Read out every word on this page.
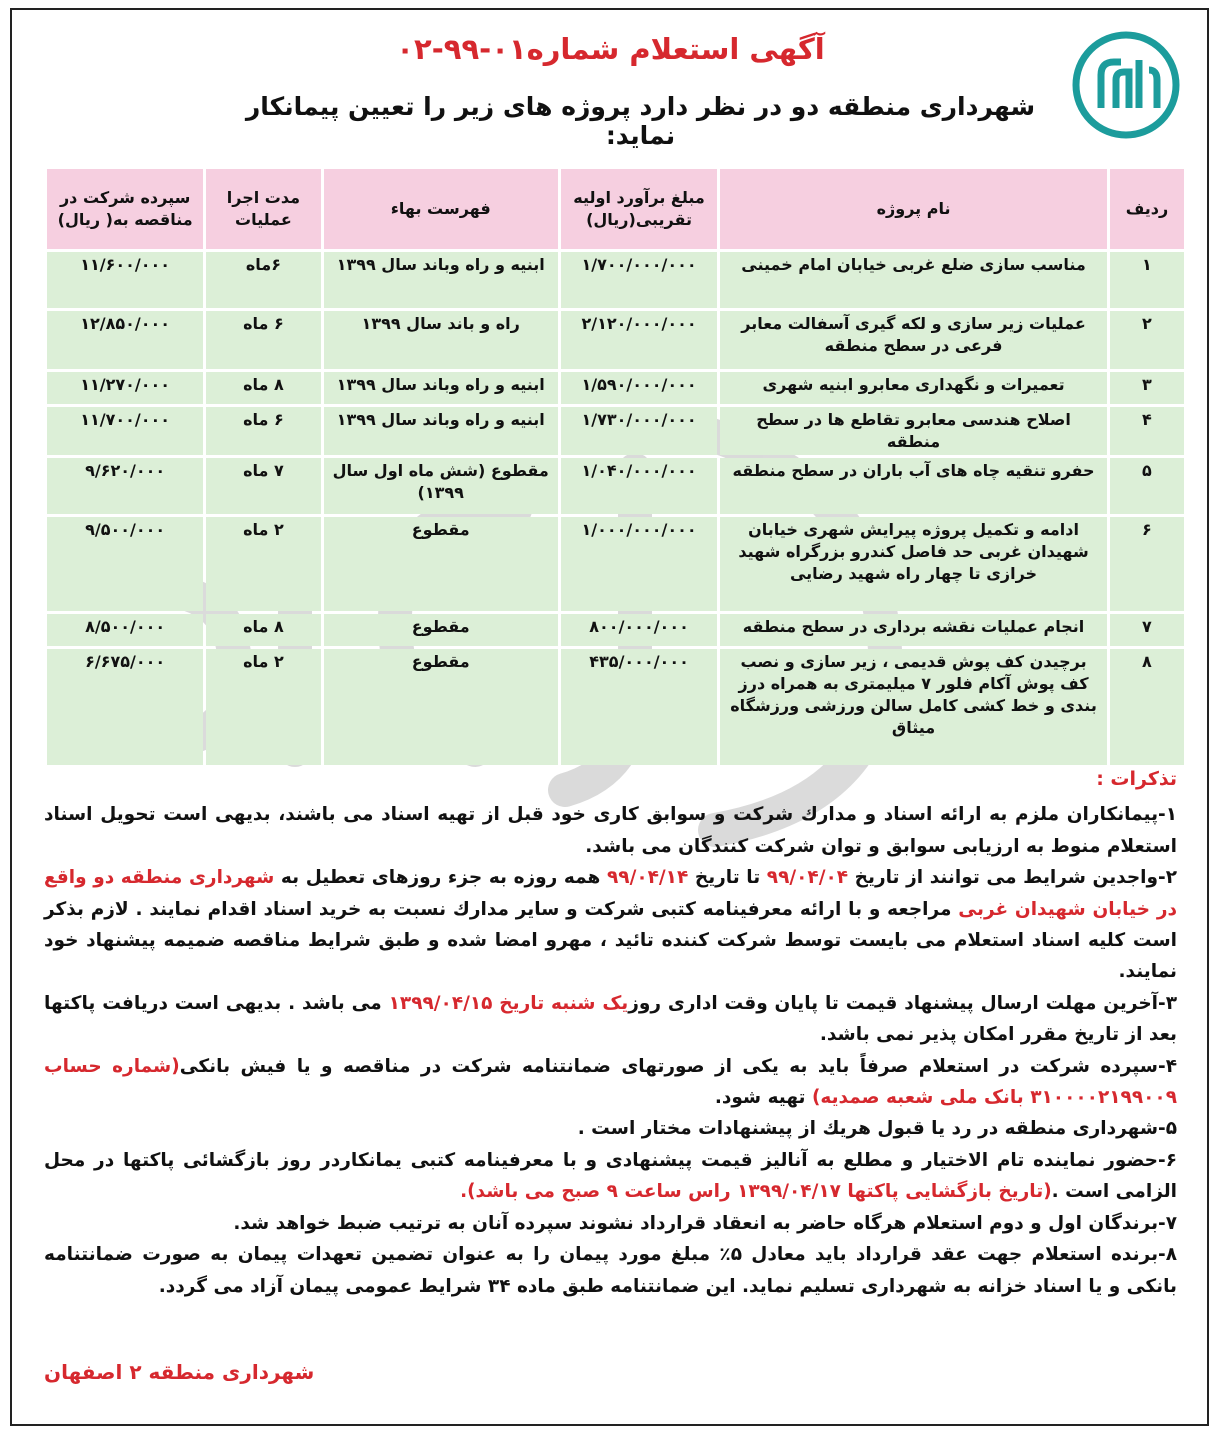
آگهی استعلام شماره۰۱-۹۹-۰۲
شهرداری منطقه دو در نظر دارد پروژه های زیر را تعیین پیمانکار نماید:
ردیف	نام پروژه	مبلغ برآورد اولیه تقریبی(ریال)	فهرست بهاء	مدت اجرا عملیات	سپرده شرکت در مناقصه به( ریال)
۱	مناسب سازی ضلع غربی خیابان امام خمینی	۱/۷۰۰/۰۰۰/۰۰۰	ابنیه و راه وباند سال ۱۳۹۹	۶ماه	۱۱/۶۰۰/۰۰۰
۲	عملیات زیر سازی و لکه گیری آسفالت معابر فرعی در سطح منطقه	۲/۱۲۰/۰۰۰/۰۰۰	راه و باند سال ۱۳۹۹	۶ ماه	۱۲/۸۵۰/۰۰۰
۳	تعمیرات و نگهداری معابرو ابنیه شهری	۱/۵۹۰/۰۰۰/۰۰۰	ابنیه و راه وباند سال ۱۳۹۹	۸ ماه	۱۱/۲۷۰/۰۰۰
۴	اصلاح هندسی معابرو تقاطع ها در سطح منطقه	۱/۷۳۰/۰۰۰/۰۰۰	ابنیه و راه وباند سال ۱۳۹۹	۶ ماه	۱۱/۷۰۰/۰۰۰
۵	حفرو تنقیه چاه های آب باران در سطح منطقه	۱/۰۴۰/۰۰۰/۰۰۰	مقطوع (شش ماه اول سال ۱۳۹۹)	۷ ماه	۹/۶۲۰/۰۰۰
۶	ادامه و تکمیل پروژه پیرایش شهری خیابان شهیدان غربی حد فاصل کندرو بزرگراه شهید خرازی تا چهار راه شهید رضایی	۱/۰۰۰/۰۰۰/۰۰۰	مقطوع	۲ ماه	۹/۵۰۰/۰۰۰
۷	انجام عملیات نقشه برداری در سطح منطقه	۸۰۰/۰۰۰/۰۰۰	مقطوع	۸ ماه	۸/۵۰۰/۰۰۰
۸	برچیدن کف پوش قدیمی ، زیر سازی و نصب کف پوش آکام فلور ۷ میلیمتری به همراه درز بندی و خط کشی کامل سالن ورزشی ورزشگاه میثاق	۴۳۵/۰۰۰/۰۰۰	مقطوع	۲ ماه	۶/۶۷۵/۰۰۰
تذکرات :

۱-پیمانکاران ملزم به ارائه اسناد و مدارك شرکت و سوابق کاری خود قبل از تهیه اسناد می باشند، بدیهی است تحویل اسناد استعلام منوط به ارزیابی سوابق و توان شرکت کنندگان می باشد.

۲-واجدین شرایط می توانند از تاریخ ۹۹/۰۴/۰۴ تا تاریخ ۹۹/۰۴/۱۴ همه روزه به جزء روزهای تعطیل به شهرداری منطقه دو واقع در خیابان شهیدان غربی مراجعه و با ارائه معرفینامه کتبی شرکت و سایر مدارك نسبت به خرید اسناد اقدام نمایند . لازم بذکر است کلیه اسناد استعلام می بایست توسط شرکت کننده تائید ، مهرو امضا شده و طبق شرایط مناقصه ضمیمه پیشنهاد خود نمایند.

۳-آخرین مهلت ارسال پیشنهاد قیمت تا پایان وقت اداری روزیک شنبه تاریخ ۱۳۹۹/۰۴/۱۵ می باشد . بدیهی است دریافت پاکتها بعد از تاریخ مقرر امکان پذیر نمی باشد.

۴-سپرده شرکت در استعلام صرفاً باید به یکی از صورتهای ضمانتنامه شرکت در مناقصه و یا فیش بانکی(شماره حساب ۳۱۰۰۰۰۲۱۹۹۰۰۹ بانک ملی شعبه صمدیه) تهیه شود.

۵-شهرداری منطقه در رد یا قبول هریك از پیشنهادات مختار است .

۶-حضور نماینده تام الاختیار و مطلع به آنالیز قیمت پیشنهادی و با معرفینامه کتبی یمانکاردر روز بازگشائی پاکتها در محل الزامی است .(تاریخ بازگشایی پاکتها ۱۳۹۹/۰۴/۱۷ راس ساعت ۹ صبح می باشد).

۷-برندگان اول و دوم استعلام هرگاه حاضر به انعقاد قرارداد نشوند سپرده آنان به ترتیب ضبط خواهد شد.

۸-برنده استعلام جهت عقد قرارداد باید معادل ۵٪ مبلغ مورد پیمان را به عنوان تضمین تعهدات پیمان به صورت ضمانتنامه بانکی و یا اسناد خزانه به شهرداری تسلیم نماید. این ضمانتنامه طبق ماده ۳۴ شرایط عمومی پیمان آزاد می گردد.

شهرداری منطقه ۲ اصفهان
